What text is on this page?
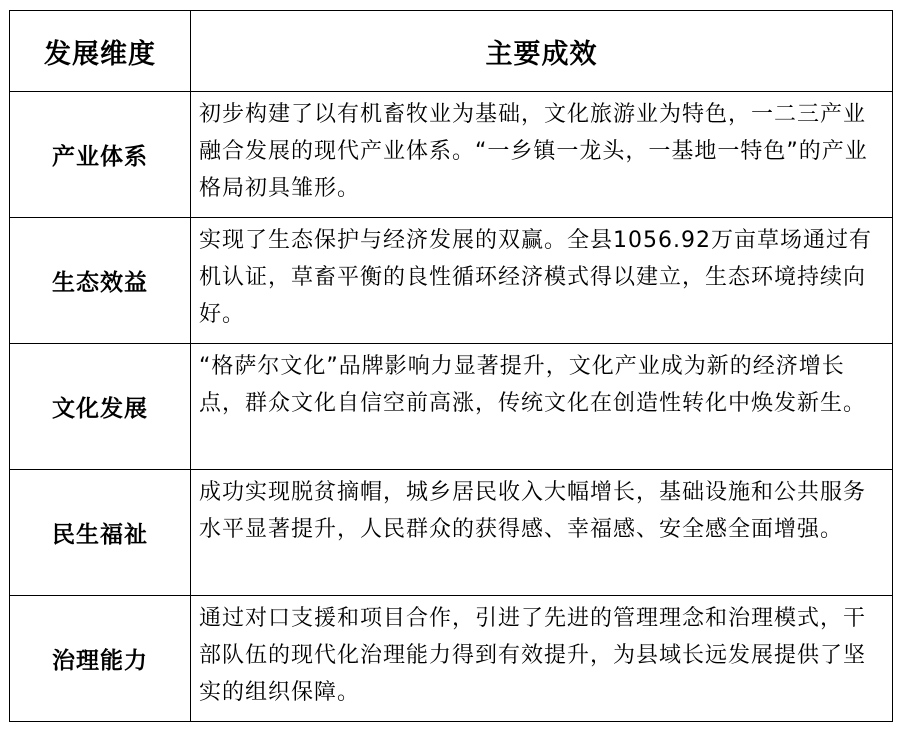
发展维度	主要成效
产业体系	初步构建了以有机畜牧业为基础，文化旅游业为特色，一二三产业融合发展的现代产业体系。“一乡镇一龙头，一基地一特色”的产业格局初具雏形。
生态效益	实现了生态保护与经济发展的双赢。全县1056.92万亩草场通过有机认证，草畜平衡的良性循环经济模式得以建立，生态环境持续向好。
文化发展	“格萨尔文化”品牌影响力显著提升，文化产业成为新的经济增长点，群众文化自信空前高涨，传统文化在创造性转化中焕发新生。
民生福祉	成功实现脱贫摘帽，城乡居民收入大幅增长，基础设施和公共服务水平显著提升，人民群众的获得感、幸福感、安全感全面增强。
治理能力	通过对口支援和项目合作，引进了先进的管理理念和治理模式，干部队伍的现代化治理能力得到有效提升，为县域长远发展提供了坚实的组织保障。
